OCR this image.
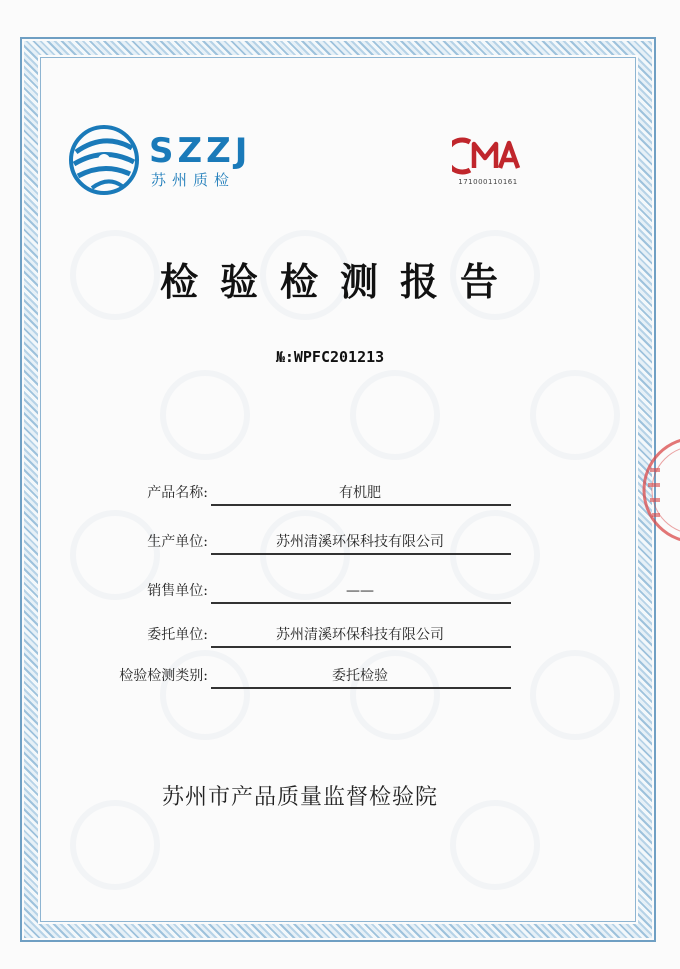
SZZJ
苏州质检	171000110161
检验检测报告
№:WPFC201213
产品名称:	有机肥
生产单位:	苏州清溪环保科技有限公司
销售单位:	——
委托单位:	苏州清溪环保科技有限公司
检验检测类别:	委托检验
苏州市产品质量监督检验院
